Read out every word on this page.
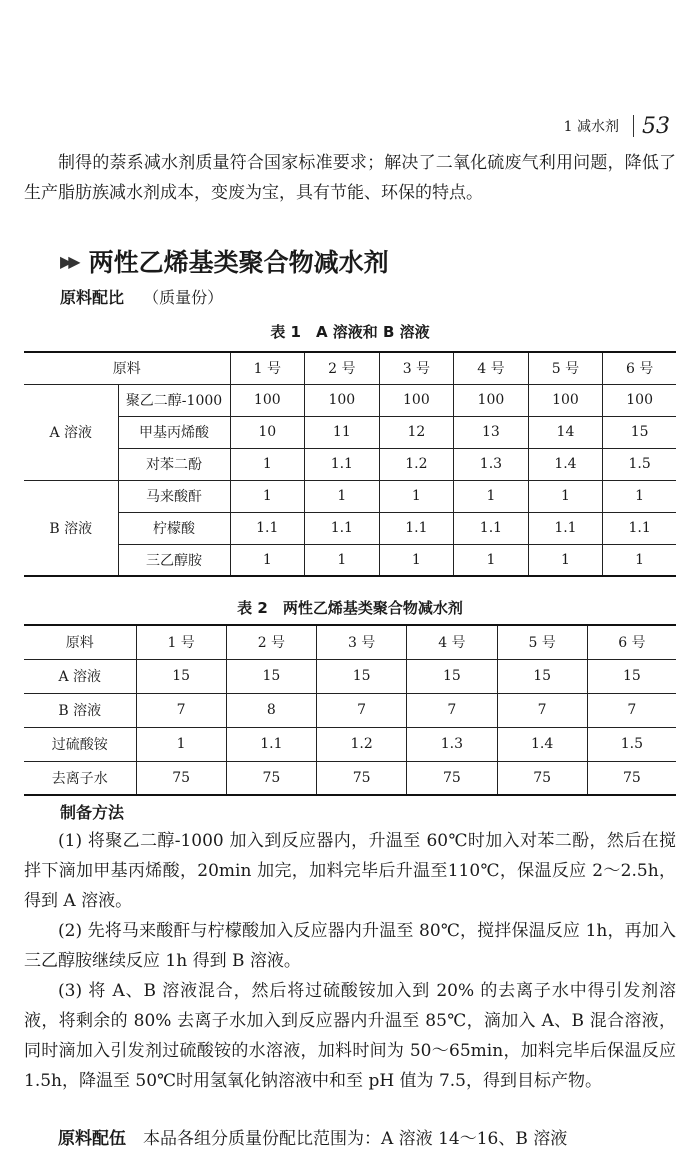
1 减水剂 53

制得的萘系减水剂质量符合国家标准要求；解决了二氧化硫废气利用问题，降低了生产脂肪族减水剂成本，变废为宝，具有节能、环保的特点。

▶▶ 两性乙烯基类聚合物减水剂
原料配比 （质量份）
表 1　A 溶液和 B 溶液
原料		1 号	2 号	3 号	4 号	5 号	6 号
A 溶液	聚乙二醇-1000	100	100	100	100	100	100
	甲基丙烯酸	10	11	12	13	14	15
	对苯二酚	1	1.1	1.2	1.3	1.4	1.5
B 溶液	马来酸酐	1	1	1	1	1	1
	柠檬酸	1.1	1.1	1.1	1.1	1.1	1.1
	三乙醇胺	1	1	1	1	1	1
表 2　两性乙烯基类聚合物减水剂
原料	1 号	2 号	3 号	4 号	5 号	6 号
A 溶液	15	15	15	15	15	15
B 溶液	7	8	7	7	7	7
过硫酸铵	1	1.1	1.2	1.3	1.4	1.5
去离子水	75	75	75	75	75	75
制备方法

(1) 将聚乙二醇-1000 加入到反应器内，升温至 60℃时加入对苯二酚，然后在搅拌下滴加甲基丙烯酸，20min 加完，加料完毕后升温至110℃，保温反应 2～2.5h，得到 A 溶液。

(2) 先将马来酸酐与柠檬酸加入反应器内升温至 80℃，搅拌保温反应 1h，再加入三乙醇胺继续反应 1h 得到 B 溶液。

(3) 将 A、B 溶液混合，然后将过硫酸铵加入到 20% 的去离子水中得引发剂溶液，将剩余的 80% 去离子水加入到反应器内升温至 85℃，滴加入 A、B 混合溶液，同时滴加入引发剂过硫酸铵的水溶液，加料时间为 50～65min，加料完毕后保温反应 1.5h，降温至 50℃时用氢氧化钠溶液中和至 pH 值为 7.5，得到目标产物。

原料配伍　 本品各组分质量份配比范围为：A 溶液 14～16、B 溶液
